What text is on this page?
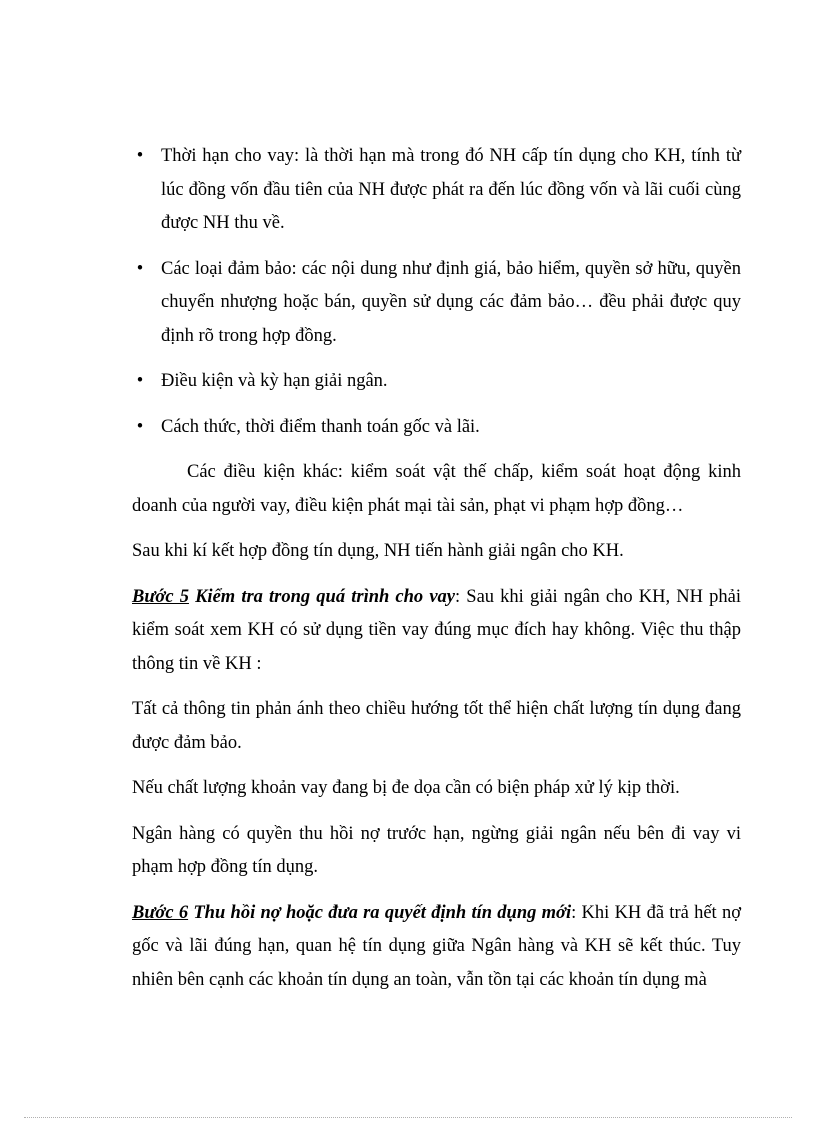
• Thời hạn cho vay: là thời hạn mà trong đó NH cấp tín dụng cho KH, tính từ lúc đồng vốn đầu tiên của NH được phát ra đến lúc đồng vốn và lãi cuối cùng được NH thu về.

• Các loại đảm bảo: các nội dung như định giá, bảo hiểm, quyền sở hữu, quyền chuyển nhượng hoặc bán, quyền sử dụng các đảm bảo… đều phải được quy định rõ trong hợp đồng.

• Điều kiện và kỳ hạn giải ngân.

• Cách thức, thời điểm thanh toán gốc và lãi.

Các điều kiện khác: kiểm soát vật thế chấp, kiểm soát hoạt động kinh doanh của người vay, điều kiện phát mại tài sản, phạt vi phạm hợp đồng…

Sau khi kí kết hợp đồng tín dụng, NH tiến hành giải ngân cho KH.

Bước 5 Kiểm tra trong quá trình cho vay: Sau khi giải ngân cho KH, NH phải kiểm soát xem KH có sử dụng tiền vay đúng mục đích hay không. Việc thu thập thông tin về KH :

Tất cả thông tin phản ánh theo chiều hướng tốt thể hiện chất lượng tín dụng đang được đảm bảo.

Nếu chất lượng khoản vay đang bị đe dọa cần có biện pháp xử lý kịp thời.

Ngân hàng có quyền thu hồi nợ trước hạn, ngừng giải ngân nếu bên đi vay vi phạm hợp đồng tín dụng.

Bước 6 Thu hồi nợ hoặc đưa ra quyết định tín dụng mới: Khi KH đã trả hết nợ gốc và lãi đúng hạn, quan hệ tín dụng giữa Ngân hàng và KH sẽ kết thúc. Tuy nhiên bên cạnh các khoản tín dụng an toàn, vẫn tồn tại các khoản tín dụng mà
